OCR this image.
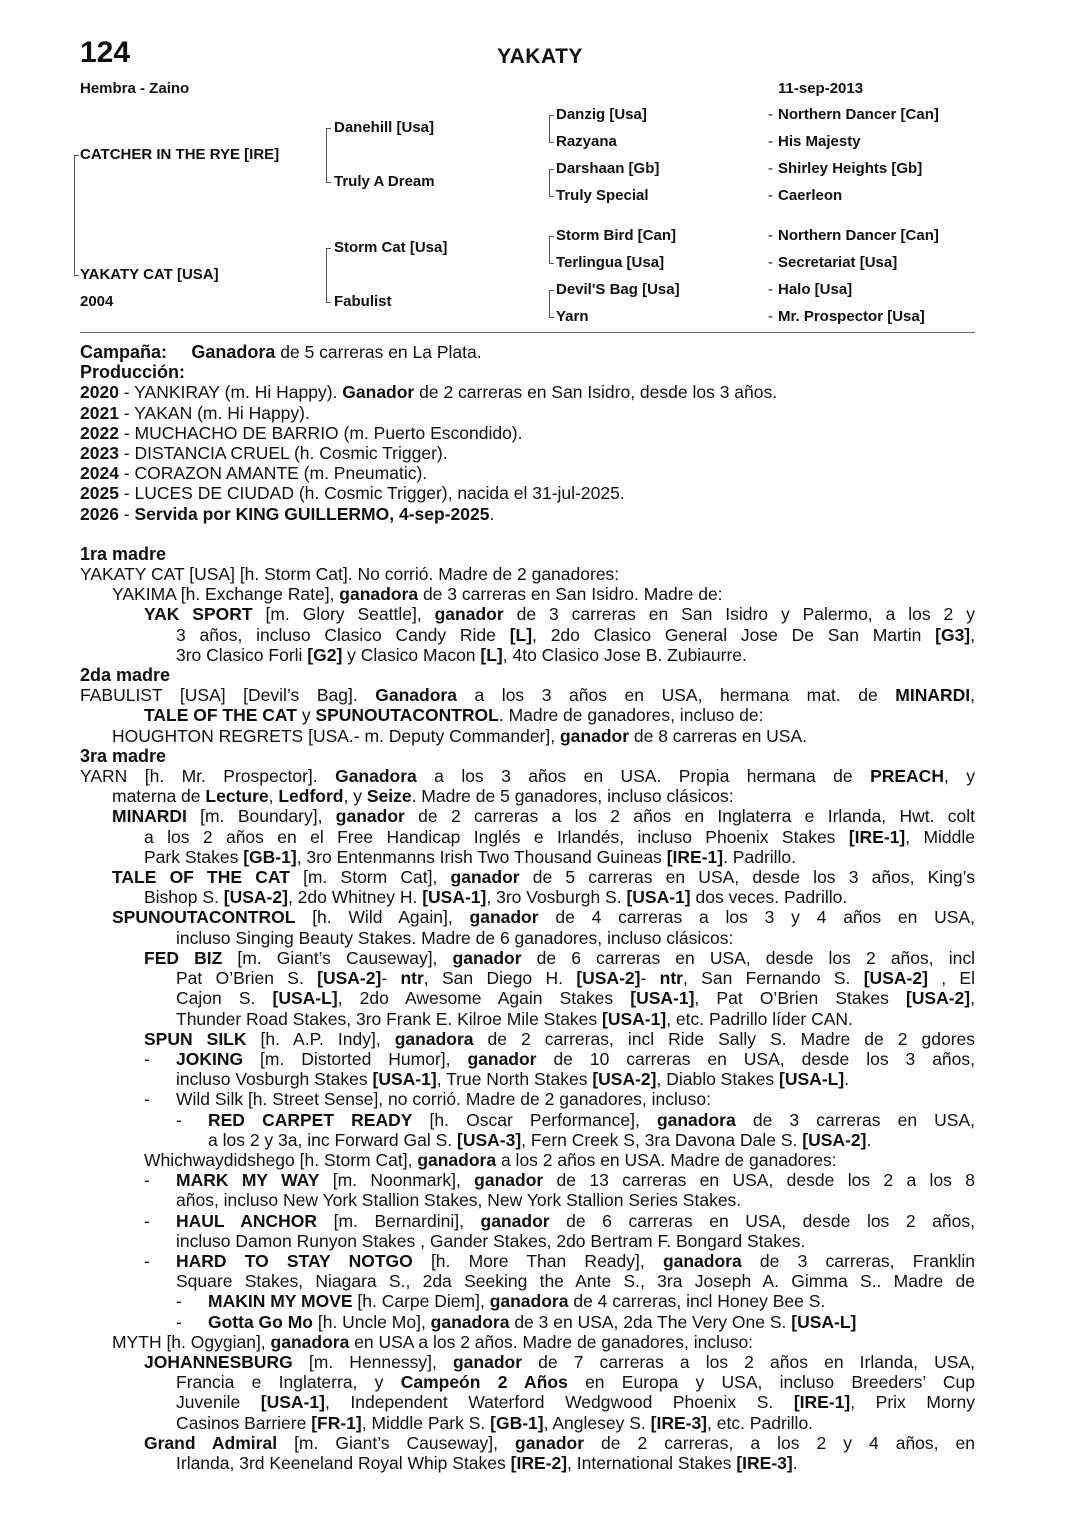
124	YAKATY
Hembra - Zaino	11-sep-2013
CATCHER IN THE RYE [IRE]
YAKATY CAT [USA]
2004
Danehill [Usa]
Truly A Dream
Storm Cat [Usa]
Fabulist
Danzig [Usa]
Razyana
Darshaan [Gb]
Truly Special
Storm Bird [Can]
Terlingua [Usa]
Devil'S Bag [Usa]
Yarn
-
-
-
-
-
-
-
-
Northern Dancer [Can]
His Majesty
Shirley Heights [Gb]
Caerleon
Northern Dancer [Can]
Secretariat [Usa]
Halo [Usa]
Mr. Prospector [Usa]
Campaña: Ganadora de 5 carreras en La Plata.
Producción:
2020 - YANKIRAY (m. Hi Happy). Ganador de 2 carreras en San Isidro, desde los 3 años.
2021 - YAKAN (m. Hi Happy).
2022 - MUCHACHO DE BARRIO (m. Puerto Escondido).
2023 - DISTANCIA CRUEL (h. Cosmic Trigger).
2024 - CORAZON AMANTE (m. Pneumatic).
2025 - LUCES DE CIUDAD (h. Cosmic Trigger), nacida el 31-jul-2025.
2026 - Servida por KING GUILLERMO, 4-sep-2025.
1ra madre
YAKATY CAT [USA] [h. Storm Cat]. No corrió. Madre de 2 ganadores:
YAKIMA [h. Exchange Rate], ganadora de 3 carreras en San Isidro. Madre de:
YAK SPORT [m. Glory Seattle], ganador de 3 carreras en San Isidro y Palermo, a los 2 y
3 años, incluso Clasico Candy Ride [L], 2do Clasico General Jose De San Martin [G3],
3ro Clasico Forli [G2] y Clasico Macon [L], 4to Clasico Jose B. Zubiaurre.
2da madre
FABULIST [USA] [Devil’s Bag]. Ganadora a los 3 años en USA, hermana mat. de MINARDI,
TALE OF THE CAT y SPUNOUTACONTROL. Madre de ganadores, incluso de:
HOUGHTON REGRETS [USA.- m. Deputy Commander], ganador de 8 carreras en USA.
3ra madre
YARN [h. Mr. Prospector]. Ganadora a los 3 años en USA. Propia hermana de PREACH, y
materna de Lecture, Ledford, y Seize. Madre de 5 ganadores, incluso clásicos:
MINARDI [m. Boundary], ganador de 2 carreras a los 2 años en Inglaterra e Irlanda, Hwt. colt
a los 2 años en el Free Handicap Inglés e Irlandés, incluso Phoenix Stakes [IRE-1], Middle
Park Stakes [GB-1], 3ro Entenmanns Irish Two Thousand Guineas [IRE-1]. Padrillo.
TALE OF THE CAT [m. Storm Cat], ganador de 5 carreras en USA, desde los 3 años, King’s
Bishop S. [USA-2], 2do Whitney H. [USA-1], 3ro Vosburgh S. [USA-1] dos veces. Padrillo.
SPUNOUTACONTROL [h. Wild Again], ganador de 4 carreras a los 3 y 4 años en USA,
incluso Singing Beauty Stakes. Madre de 6 ganadores, incluso clásicos:
FED BIZ [m. Giant’s Causeway], ganador de 6 carreras en USA, desde los 2 años, incl
Pat O’Brien S. [USA-2]- ntr, San Diego H. [USA-2]- ntr, San Fernando S. [USA-2] , El
Cajon S. [USA-L], 2do Awesome Again Stakes [USA-1], Pat O’Brien Stakes [USA-2],
Thunder Road Stakes, 3ro Frank E. Kilroe Mile Stakes [USA-1], etc. Padrillo líder CAN.
SPUN SILK [h. A.P. Indy], ganadora de 2 carreras, incl Ride Sally S. Madre de 2 gdores
- JOKING [m. Distorted Humor], ganador de 10 carreras en USA, desde los 3 años,
incluso Vosburgh Stakes [USA-1], True North Stakes [USA-2], Diablo Stakes [USA-L].
- Wild Silk [h. Street Sense], no corrió. Madre de 2 ganadores, incluso:
- RED CARPET READY [h. Oscar Performance], ganadora de 3 carreras en USA,
a los 2 y 3a, inc Forward Gal S. [USA-3], Fern Creek S, 3ra Davona Dale S. [USA-2].
Whichwaydidshego [h. Storm Cat], ganadora a los 2 años en USA. Madre de ganadores:
- MARK MY WAY [m. Noonmark], ganador de 13 carreras en USA, desde los 2 a los 8
años, incluso New York Stallion Stakes, New York Stallion Series Stakes.
- HAUL ANCHOR [m. Bernardini], ganador de 6 carreras en USA, desde los 2 años,
incluso Damon Runyon Stakes , Gander Stakes, 2do Bertram F. Bongard Stakes.
- HARD TO STAY NOTGO [h. More Than Ready], ganadora de 3 carreras, Franklin
Square Stakes, Niagara S., 2da Seeking the Ante S., 3ra Joseph A. Gimma S.. Madre de
- MAKIN MY MOVE [h. Carpe Diem], ganadora de 4 carreras, incl Honey Bee S.
- Gotta Go Mo [h. Uncle Mo], ganadora de 3 en USA, 2da The Very One S. [USA-L]
MYTH [h. Ogygian], ganadora en USA a los 2 años. Madre de ganadores, incluso:
JOHANNESBURG [m. Hennessy], ganador de 7 carreras a los 2 años en Irlanda, USA,
Francia e Inglaterra, y Campeón 2 Años en Europa y USA, incluso Breeders’ Cup
Juvenile [USA-1], Independent Waterford Wedgwood Phoenix S. [IRE-1], Prix Morny
Casinos Barriere [FR-1], Middle Park S. [GB-1], Anglesey S. [IRE-3], etc. Padrillo.
Grand Admiral [m. Giant’s Causeway], ganador de 2 carreras, a los 2 y 4 años, en
Irlanda, 3rd Keeneland Royal Whip Stakes [IRE-2], International Stakes [IRE-3].
